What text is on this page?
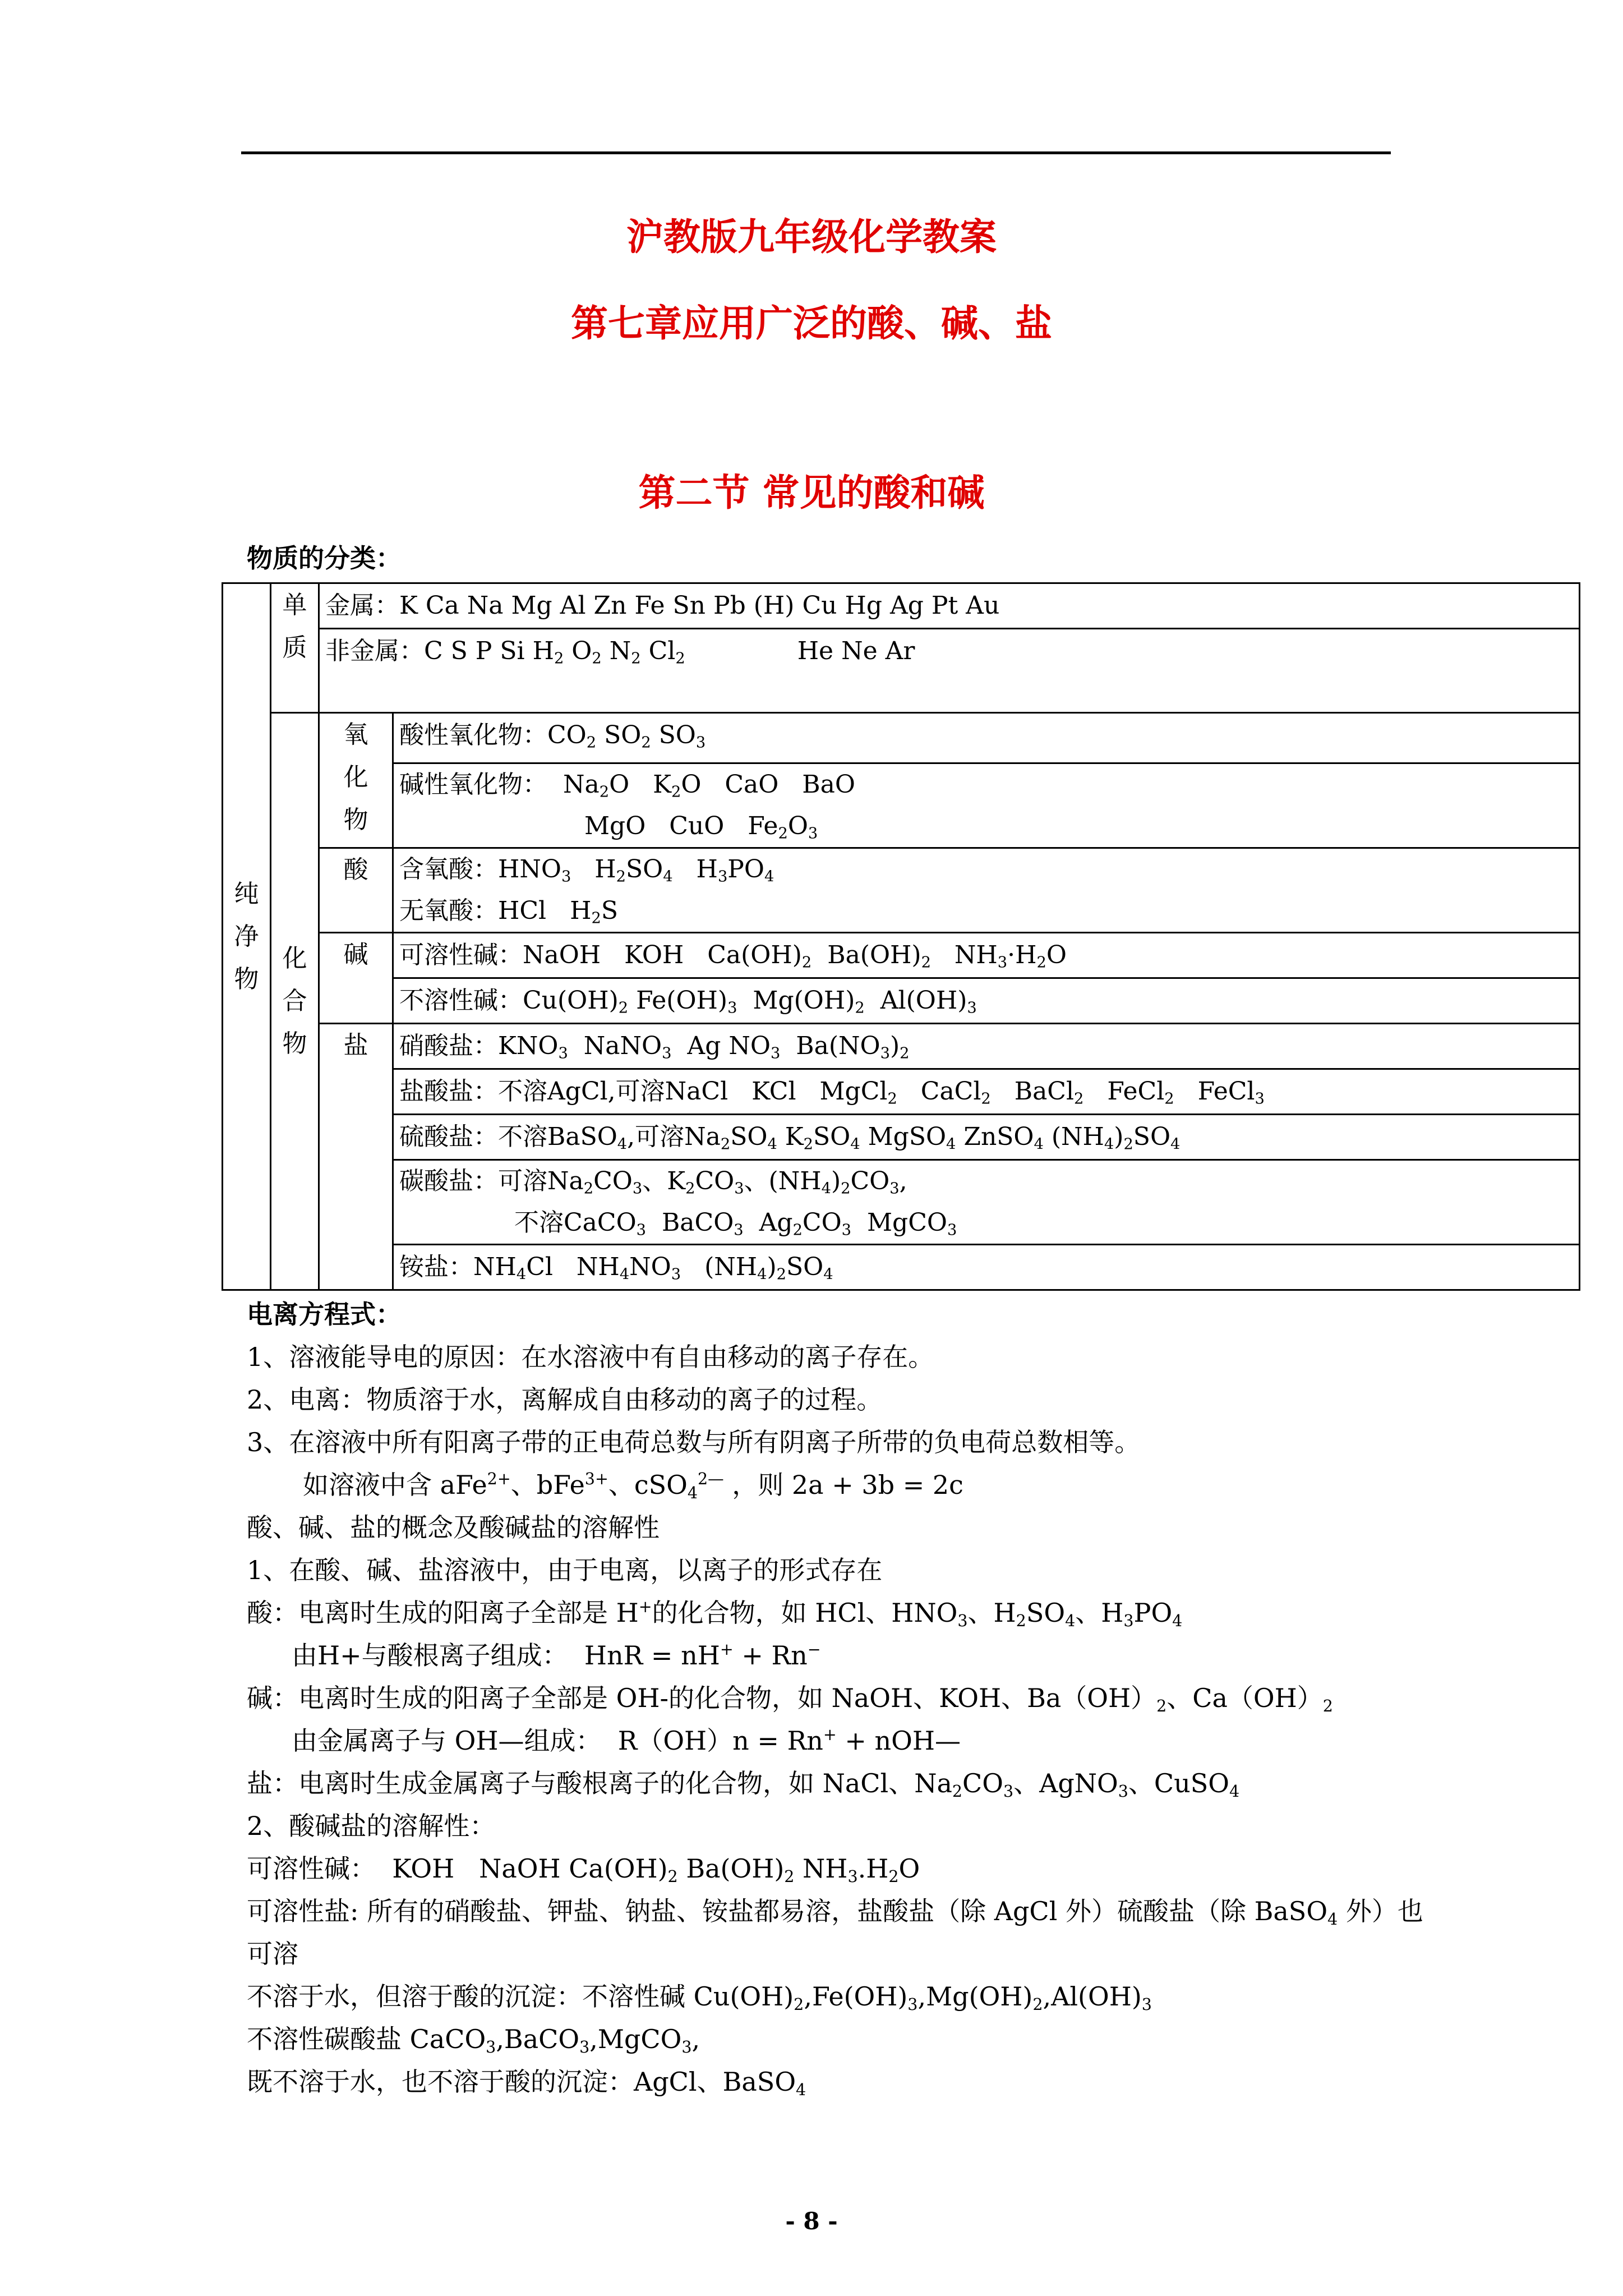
沪教版九年级化学教案
第七章应用广泛的酸、碱、盐
第二节 常见的酸和碱
物质的分类：
纯净物	单质	金属：K Ca Na Mg Al Zn Fe Sn Pb (H) Cu Hg Ag Pt Au	
		非金属：C S P Si $H_2$ $O_2$ $N_2$ $Cl_2$ He Ne Ar	
	化合物	氧化物	酸性氧化物：$CO_2$ $SO_2$ $SO_3$
			碱性氧化物：  $Na_2O$   $K_2O$   CaO   BaO
MgO   CuO   $Fe_2O_3$
		酸	含氧酸：$HNO_3$   $H_2SO_4$   $H_3PO_4$
无氧酸：HCl   $H_2S$
		碱	可溶性碱：NaOH   KOH   $Ca(OH)_2$  $Ba(OH)_2$   $NH_3\cdot H_2O$
			不溶性碱：$Cu(OH)_2$ $Fe(OH)_3$  $Mg(OH)_2$  $Al(OH)_3$
		盐	硝酸盐：$KNO_3$  NaNO$_3$  Ag $NO_3$  $Ba(NO_3)_2$
			盐酸盐：不溶AgCl,可溶NaCl   KCl   MgCl$_2$   CaCl$_2$   BaCl$_2$   FeCl$_2$   FeCl$_3$
			硫酸盐：不溶BaSO$_4$,可溶$Na_2SO_4$ $K_2SO_4$ MgSO$_4$ ZnSO$_4$ $(NH_4)_2SO_4$
			碳酸盐：可溶$Na_2CO_3$、$K_2CO_3$、$(NH_4)_2CO_3$,
不溶CaCO$_3$  BaCO$_3$  $Ag_2CO_3$  MgCO$_3$
			铵盐：$NH_4Cl$   $NH_4NO_3$   $(NH_4)_2SO_4$
电离方程式：
1、溶液能导电的原因：在水溶液中有自由移动的离子存在。
2、电离：物质溶于水，离解成自由移动的离子的过程。
3、在溶液中所有阳离子带的正电荷总数与所有阴离子所带的负电荷总数相等。
如溶液中含 aFe$^{2+}$、bFe$^{3+}$、cSO$_4^{2—}$ ，则 2a + 3b = 2c
酸、碱、盐的概念及酸碱盐的溶解性
1、在酸、碱、盐溶液中，由于电离，以离子的形式存在
酸：电离时生成的阳离子全部是 H+的化合物，如 HCl、$HNO_3$、$H_2SO_4$、$H_3PO_4$
由H+与酸根离子组成：  HnR = nH+ + Rn−
碱：电离时生成的阳离子全部是 OH-的化合物，如 NaOH、KOH、$Ba(OH)_2$、$Ca(OH)_2$
由金属离子与 OH—组成：  R（OH）n = Rn+ + nOH—
盐：电离时生成金属离子与酸根离子的化合物，如 NaCl、$Na_2CO_3$、AgNO$_3$、CuSO$_4$
2、酸碱盐的溶解性：
可溶性碱：  KOH   NaOH $Ca(OH)_2$ $Ba(OH)_2$ $NH_3.H_2O$
可溶性盐: 所有的硝酸盐、钾盐、钠盐、铵盐都易溶，盐酸盐（除 AgCl 外）硫酸盐（除 BaSO$_4$ 外）也可溶
不溶于水，但溶于酸的沉淀：不溶性碱 $Cu(OH)_2,Fe(OH)_3,Mg(OH)_2,Al(OH)_3$
不溶性碳酸盐 CaCO$_3$,BaCO$_3$,MgCO$_3$,
既不溶于水，也不溶于酸的沉淀：AgCl、BaSO$_4$
- 8 -
